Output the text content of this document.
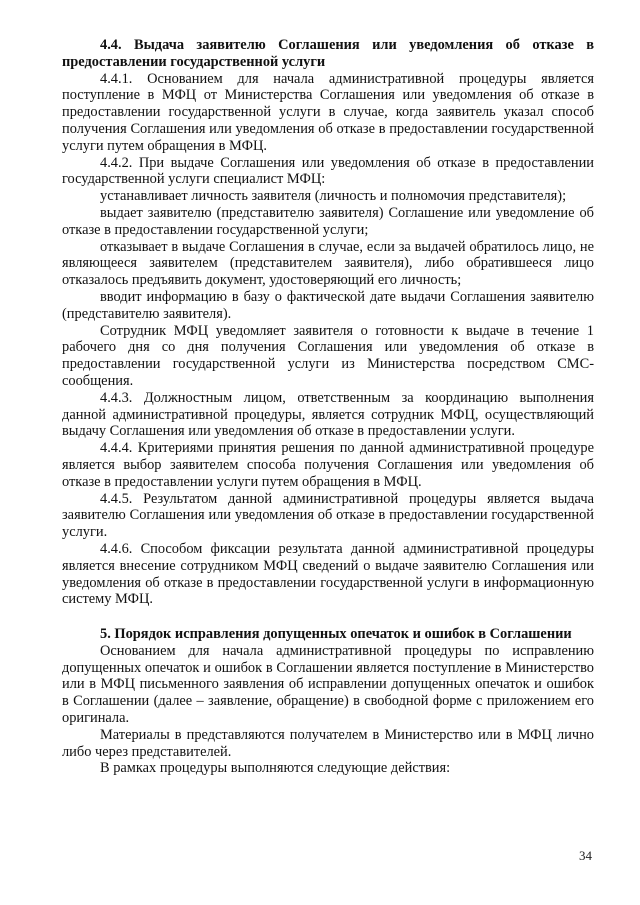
4.4. Выдача заявителю Соглашения или уведомления об отказе в предоставлении государственной услуги

4.4.1. Основанием для начала административной процедуры является поступление в МФЦ от Министерства Соглашения или уведомления об отказе в предоставлении государственной услуги в случае, когда заявитель указал способ получения Соглашения или уведомления об отказе в предоставлении государственной услуги путем обращения в МФЦ.

4.4.2. При выдаче Соглашения или уведомления об отказе в предоставлении государственной услуги специалист МФЦ:

устанавливает личность заявителя (личность и полномочия представителя);

выдает заявителю (представителю заявителя) Соглашение или уведомление об отказе в предоставлении государственной услуги;

отказывает в выдаче Соглашения в случае, если за выдачей обратилось лицо, не являющееся заявителем (представителем заявителя), либо обратившееся лицо отказалось предъявить документ, удостоверяющий его личность;

вводит информацию в базу о фактической дате выдачи Соглашения заявителю (представителю заявителя).

Сотрудник МФЦ уведомляет заявителя о готовности к выдаче в течение 1 рабочего дня со дня получения Соглашения или уведомления об отказе в предоставлении государственной услуги из Министерства посредством СМС-сообщения.

4.4.3. Должностным лицом, ответственным за координацию выполнения данной административной процедуры, является сотрудник МФЦ, осуществляющий выдачу Соглашения или уведомления об отказе в предоставлении услуги.

4.4.4. Критериями принятия решения по данной административной процедуре является выбор заявителем способа получения Соглашения или уведомления об отказе в предоставлении услуги путем обращения в МФЦ.

4.4.5. Результатом данной административной процедуры является выдача заявителю Соглашения или уведомления об отказе в предоставлении государственной услуги.

4.4.6. Способом фиксации результата данной административной процедуры является внесение сотрудником МФЦ сведений о выдаче заявителю Соглашения или уведомления об отказе в предоставлении государственной услуги в информационную систему МФЦ.

5. Порядок исправления допущенных опечаток и ошибок в Соглашении

Основанием для начала административной процедуры по исправлению допущенных опечаток и ошибок в Соглашении является поступление в Министерство или в МФЦ письменного заявления об исправлении допущенных опечаток и ошибок в Соглашении (далее – заявление, обращение) в свободной форме с приложением его оригинала.

Материалы в представляются получателем в Министерство или в МФЦ лично либо через представителей.

В рамках процедуры выполняются следующие действия:

34
